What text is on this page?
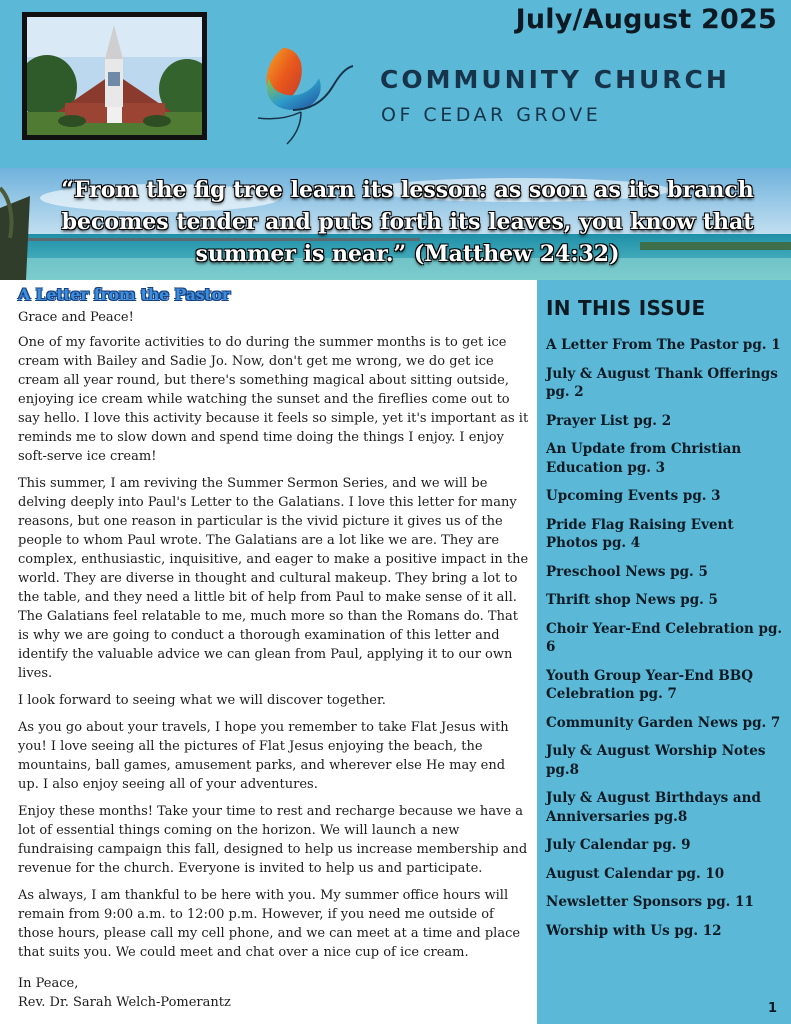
July/August 2025
COMMUNITY CHURCH
OF CEDAR GROVE
“From the fig tree learn its lesson: as soon as its branch
becomes tender and puts forth its leaves, you know that
summer is near.” (Matthew 24:32)
A Letter from the Pastor

Grace and Peace!

One of my favorite activities to do during the summer months is to get ice cream with Bailey and Sadie Jo. Now, don't get me wrong, we do get ice cream all year round, but there's something magical about sitting outside, enjoying ice cream while watching the sunset and the fireflies come out to say hello. I love this activity because it feels so simple, yet it's important as it reminds me to slow down and spend time doing the things I enjoy. I enjoy soft-serve ice cream!

This summer, I am reviving the Summer Sermon Series, and we will be delving deeply into Paul's Letter to the Galatians. I love this letter for many reasons, but one reason in particular is the vivid picture it gives us of the people to whom Paul wrote. The Galatians are a lot like we are. They are complex, enthusiastic, inquisitive, and eager to make a positive impact in the world. They are diverse in thought and cultural makeup. They bring a lot to the table, and they need a little bit of help from Paul to make sense of it all. The Galatians feel relatable to me, much more so than the Romans do. That is why we are going to conduct a thorough examination of this letter and identify the valuable advice we can glean from Paul, applying it to our own lives.

I look forward to seeing what we will discover together.

As you go about your travels, I hope you remember to take Flat Jesus with you! I love seeing all the pictures of Flat Jesus enjoying the beach, the mountains, ball games, amusement parks, and wherever else He may end up. I also enjoy seeing all of your adventures.

Enjoy these months! Take your time to rest and recharge because we have a lot of essential things coming on the horizon. We will launch a new fundraising campaign this fall, designed to help us increase membership and revenue for the church. Everyone is invited to help us and participate.

As always, I am thankful to be here with you. My summer office hours will remain from 9:00 a.m. to 12:00 p.m. However, if you need me outside of those hours, please call my cell phone, and we can meet at a time and place that suits you. We could meet and chat over a nice cup of ice cream.

In Peace,
Rev. Dr. Sarah Welch-Pomerantz
IN THIS ISSUE
A Letter From The Pastor pg. 1
July & August Thank Offerings pg. 2
Prayer List pg. 2
An Update from Christian Education pg. 3
Upcoming Events pg. 3
Pride Flag Raising Event Photos pg. 4
Preschool News pg. 5
Thrift shop News pg. 5
Choir Year-End Celebration pg. 6
Youth Group Year-End BBQ Celebration pg. 7
Community Garden News pg. 7
July & August Worship Notes pg.8
July & August Birthdays and Anniversaries pg.8
July Calendar pg. 9
August Calendar pg. 10
Newsletter Sponsors pg. 11
Worship with Us pg. 12
1
